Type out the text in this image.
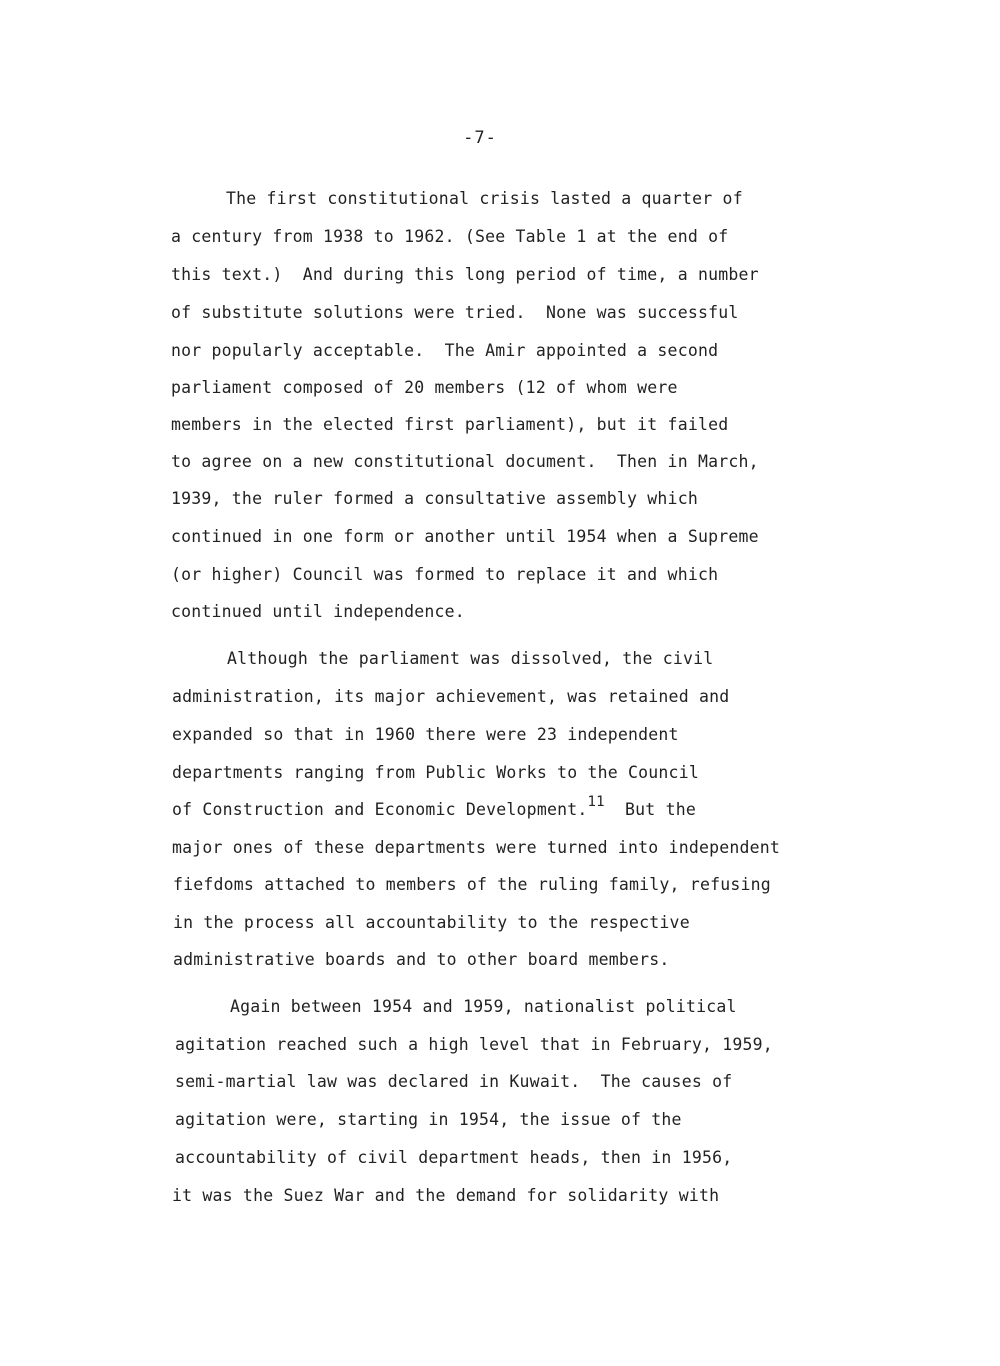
-7-
The first constitutional crisis lasted a quarter of
a century from 1938 to 1962. (See Table 1 at the end of
this text.)  And during this long period of time, a number
of substitute solutions were tried.  None was successful
nor popularly acceptable.  The Amir appointed a second
parliament composed of 20 members (12 of whom were
members in the elected first parliament), but it failed
to agree on a new constitutional document.  Then in March,
1939, the ruler formed a consultative assembly which
continued in one form or another until 1954 when a Supreme
(or higher) Council was formed to replace it and which
continued until independence.
Although the parliament was dissolved, the civil
administration, its major achievement, was retained and
expanded so that in 1960 there were 23 independent
departments ranging from Public Works to the Council
of Construction and Economic Development.$^{11}$  But the
major ones of these departments were turned into independent
fiefdoms attached to members of the ruling family, refusing
in the process all accountability to the respective
administrative boards and to other board members.
Again between 1954 and 1959, nationalist political
agitation reached such a high level that in February, 1959,
semi-martial law was declared in Kuwait.  The causes of
agitation were, starting in 1954, the issue of the
accountability of civil department heads, then in 1956,
it was the Suez War and the demand for solidarity with
